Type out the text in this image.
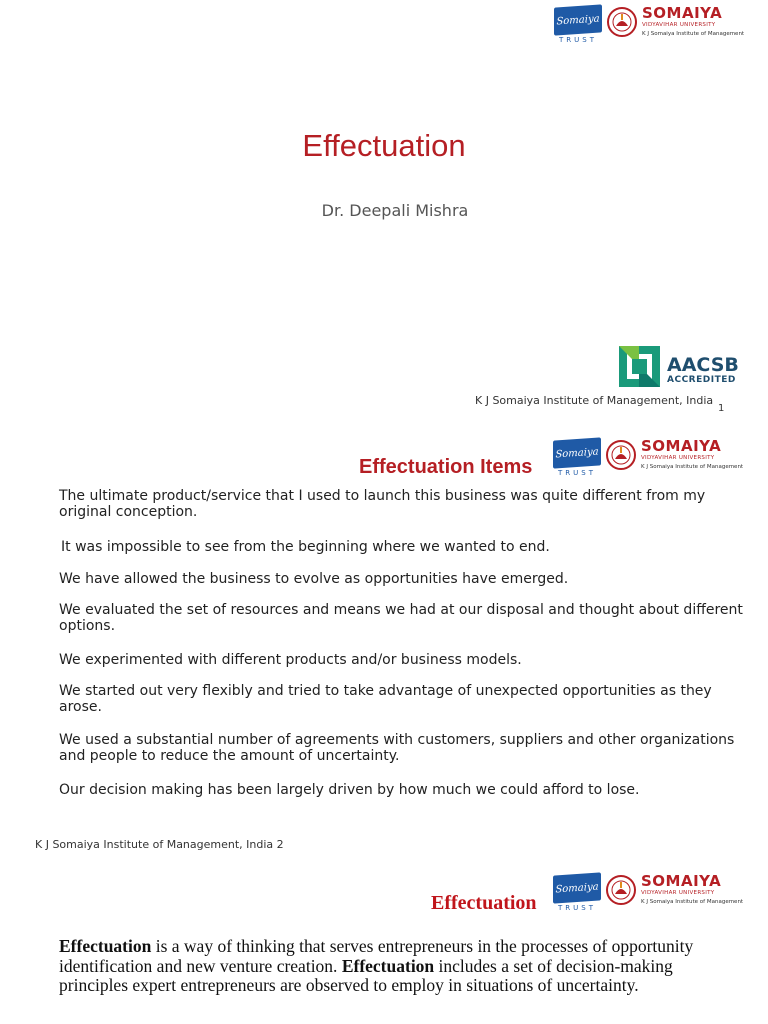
Somaiya
TRUST
SOMAIYA
VIDYAVIHAR UNIVERSITY
K J Somaiya Institute of Management
Effectuation
Dr. Deepali Mishra
AACSB
ACCREDITED
K J Somaiya Institute of Management, India
1
Somaiya
TRUST
SOMAIYA
VIDYAVIHAR UNIVERSITY
K J Somaiya Institute of Management
Effectuation Items
The ultimate product/service that I used to launch this business was quite different from my original conception.
It was impossible to see from the beginning where we wanted to end.
We have allowed the business to evolve as opportunities have emerged.
We evaluated the set of resources and means we had at our disposal and thought about different options.
We experimented with different products and/or business models.
We started out very flexibly and tried to take advantage of unexpected opportunities as they arose.
We used a substantial number of agreements with customers, suppliers and other organizations and people to reduce the amount of uncertainty.
Our decision making has been largely driven by how much we could afford to lose.
K J Somaiya Institute of Management, India 2
Somaiya
TRUST
SOMAIYA
VIDYAVIHAR UNIVERSITY
K J Somaiya Institute of Management
Effectuation
Effectuation is a way of thinking that serves entrepreneurs in the processes of opportunity identification and new venture creation. Effectuation includes a set of decision-making principles expert entrepreneurs are observed to employ in situations of uncertainty.
